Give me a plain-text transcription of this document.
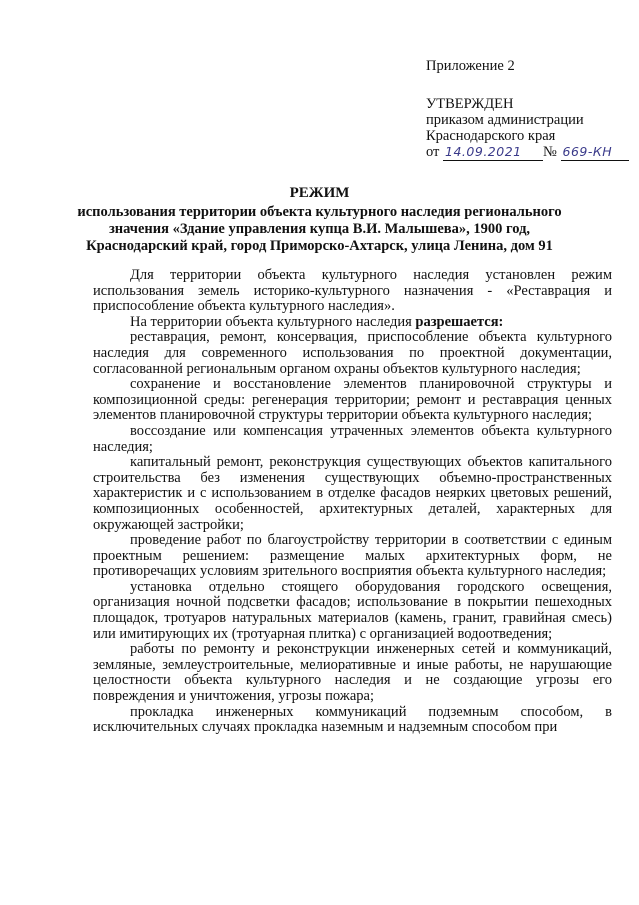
Приложение 2
УТВЕРЖДЕН
приказом администрации
Краснодарского края
от 14.09.2021 № 669-КН
РЕЖИМ
использования территории объекта культурного наследия регионального
значения «Здание управления купца В.И. Малышева», 1900 год,
Краснодарский край, город Приморско-Ахтарск, улица Ленина, дом 91

Для территории объекта культурного наследия установлен режим использования земель историко-культурного назначения - «Реставрация и приспособление объекта культурного наследия».

На территории объекта культурного наследия разрешается:

реставрация, ремонт, консервация, приспособление объекта культурного наследия для современного использования по проектной документации, согласованной региональным органом охраны объектов культурного наследия;

сохранение и восстановление элементов планировочной структуры и композиционной среды: регенерация территории; ремонт и реставрация ценных элементов планировочной структуры территории объекта культурного наследия;

воссоздание или компенсация утраченных элементов объекта культурного наследия;

капитальный ремонт, реконструкция существующих объектов капитального строительства без изменения существующих объемно-пространственных характеристик и с использованием в отделке фасадов неярких цветовых решений, композиционных особенностей, архитектурных деталей, характерных для окружающей застройки;

проведение работ по благоустройству территории в соответствии с единым проектным решением: размещение малых архитектурных форм, не противоречащих условиям зрительного восприятия объекта культурного наследия;

установка отдельно стоящего оборудования городского освещения, организация ночной подсветки фасадов; использование в покрытии пешеходных площадок, тротуаров натуральных материалов (камень, гранит, гравийная смесь) или имитирующих их (тротуарная плитка) с организацией водоотведения;

работы по ремонту и реконструкции инженерных сетей и коммуникаций, земляные, землеустроительные, мелиоративные и иные работы, не нарушающие целостности объекта культурного наследия и не создающие угрозы его повреждения и уничтожения, угрозы пожара;

прокладка инженерных коммуникаций подземным способом, в исключительных случаях прокладка наземным и надземным способом при
